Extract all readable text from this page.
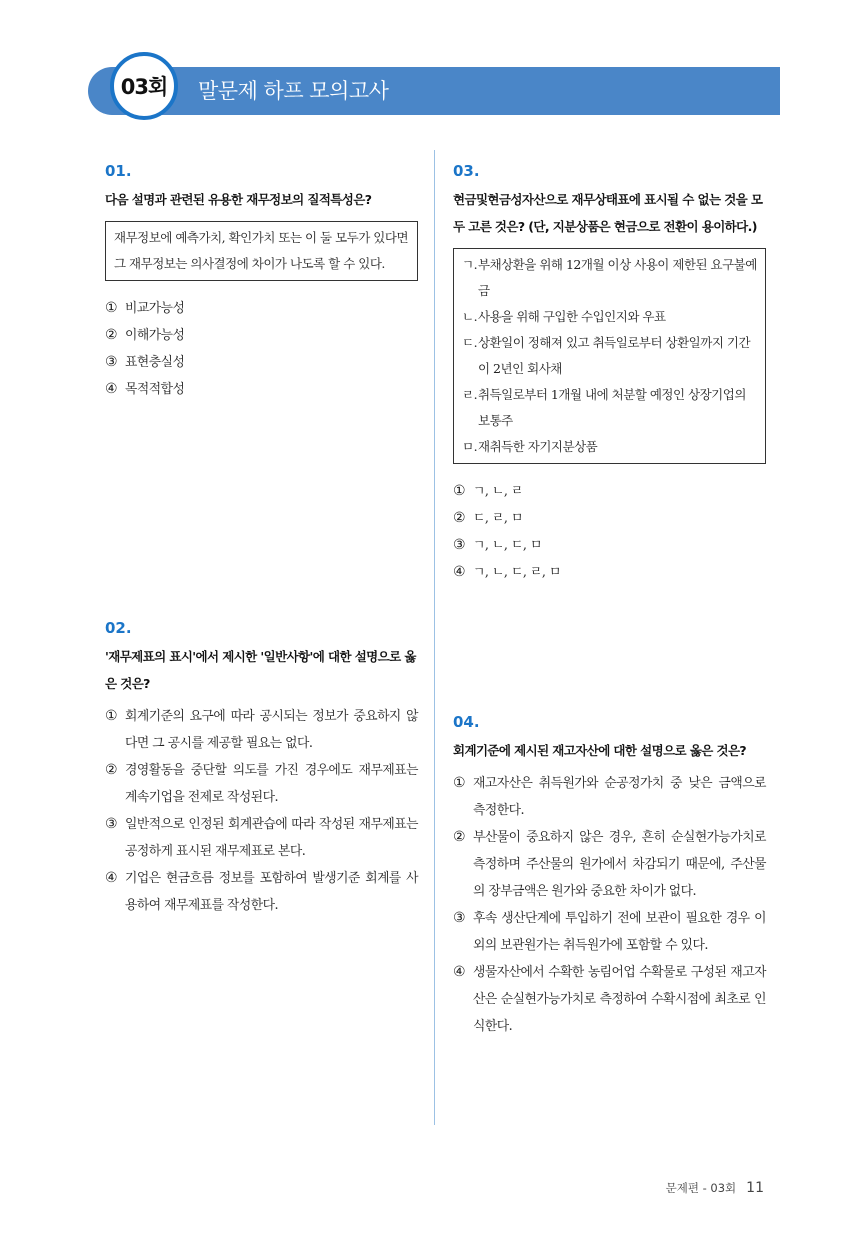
말문제 하프 모의고사
03회
01.
다음 설명과 관련된 유용한 재무정보의 질적특성은?
재무정보에 예측가치, 확인가치 또는 이 둘 모두가 있다면 그 재무정보는 의사결정에 차이가 나도록 할 수 있다.
① 비교가능성
② 이해가능성
③ 표현충실성
④ 목적적합성
02.
'재무제표의 표시'에서 제시한 '일반사항'에 대한 설명으로 옳은 것은?
① 회계기준의 요구에 따라 공시되는 정보가 중요하지 않다면 그 공시를 제공할 필요는 없다.
② 경영활동을 중단할 의도를 가진 경우에도 재무제표는 계속기업을 전제로 작성된다.
③ 일반적으로 인정된 회계관습에 따라 작성된 재무제표는 공정하게 표시된 재무제표로 본다.
④ 기업은 현금흐름 정보를 포함하여 발생기준 회계를 사용하여 재무제표를 작성한다.
03.
현금및현금성자산으로 재무상태표에 표시될 수 없는 것을 모두 고른 것은? (단, 지분상품은 현금으로 전환이 용이하다.)
ㄱ. 부채상환을 위해 12개월 이상 사용이 제한된 요구불예금
ㄴ. 사용을 위해 구입한 수입인지와 우표
ㄷ. 상환일이 정해져 있고 취득일로부터 상환일까지 기간이 2년인 회사채
ㄹ. 취득일로부터 1개월 내에 처분할 예정인 상장기업의 보통주
ㅁ. 재취득한 자기지분상품
① ㄱ, ㄴ, ㄹ
② ㄷ, ㄹ, ㅁ
③ ㄱ, ㄴ, ㄷ, ㅁ
④ ㄱ, ㄴ, ㄷ, ㄹ, ㅁ
04.
회계기준에 제시된 재고자산에 대한 설명으로 옳은 것은?
① 재고자산은 취득원가와 순공정가치 중 낮은 금액으로 측정한다.
② 부산물이 중요하지 않은 경우, 흔히 순실현가능가치로 측정하며 주산물의 원가에서 차감되기 때문에, 주산물의 장부금액은 원가와 중요한 차이가 없다.
③ 후속 생산단계에 투입하기 전에 보관이 필요한 경우 이외의 보관원가는 취득원가에 포함할 수 있다.
④ 생물자산에서 수확한 농림어업 수확물로 구성된 재고자산은 순실현가능가치로 측정하여 수확시점에 최초로 인식한다.
문제편 - 03회 11
